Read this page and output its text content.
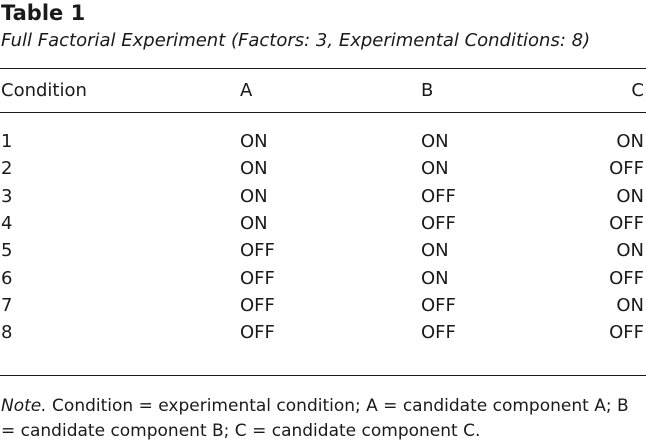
Table 1
Full Factorial Experiment (Factors: 3, Experimental Conditions: 8)
Condition	A	B	C
1	ON	ON	ON
2	ON	ON	OFF
3	ON	OFF	ON
4	ON	OFF	OFF
5	OFF	ON	ON
6	OFF	ON	OFF
7	OFF	OFF	ON
8	OFF	OFF	OFF
Note. Condition = experimental condition; A = candidate component A; B = candidate component B; C = candidate component C.
